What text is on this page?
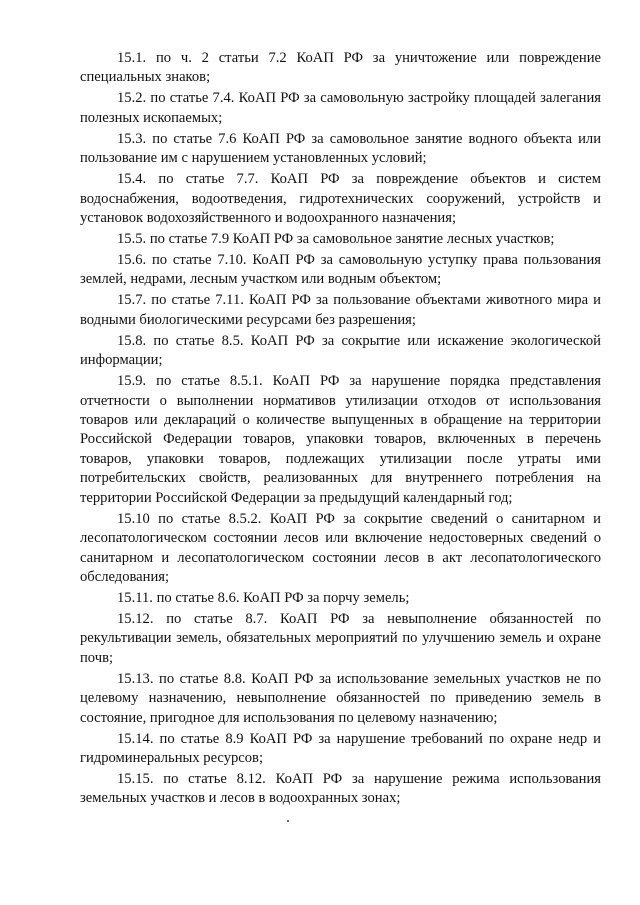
15.1. по ч. 2 статьи 7.2 КоАП РФ за уничтожение или повреждение специальных знаков;

15.2. по статье 7.4. КоАП РФ за самовольную застройку площадей залегания полезных ископаемых;

15.3. по статье 7.6 КоАП РФ за самовольное занятие водного объекта или пользование им с нарушением установленных условий;

15.4. по статье 7.7. КоАП РФ за повреждение объектов и систем водоснабжения, водоотведения, гидротехнических сооружений, устройств и установок водохозяйственного и водоохранного назначения;

15.5. по статье 7.9 КоАП РФ за самовольное занятие лесных участков;

15.6. по статье 7.10. КоАП РФ за самовольную уступку права пользования землей, недрами, лесным участком или водным объектом;

15.7. по статье 7.11. КоАП РФ за пользование объектами животного мира и водными биологическими ресурсами без разрешения;

15.8. по статье 8.5. КоАП РФ за сокрытие или искажение экологической информации;

15.9. по статье 8.5.1. КоАП РФ за нарушение порядка представления отчетности о выполнении нормативов утилизации отходов от использования товаров или деклараций о количестве выпущенных в обращение на территории Российской Федерации товаров, упаковки товаров, включенных в перечень товаров, упаковки товаров, подлежащих утилизации после утраты ими потребительских свойств, реализованных для внутреннего потребления на территории Российской Федерации за предыдущий календарный год;

15.10 по статье 8.5.2. КоАП РФ за сокрытие сведений о санитарном и лесопатологическом состоянии лесов или включение недостоверных сведений о санитарном и лесопатологическом состоянии лесов в акт лесопатологического обследования;

15.11. по статье 8.6. КоАП РФ за порчу земель;

15.12. по статье 8.7. КоАП РФ за невыполнение обязанностей по рекультивации земель, обязательных мероприятий по улучшению земель и охране почв;

15.13. по статье 8.8. КоАП РФ за использование земельных участков не по целевому назначению, невыполнение обязанностей по приведению земель в состояние, пригодное для использования по целевому назначению;

15.14. по статье 8.9 КоАП РФ за нарушение требований по охране недр и гидроминеральных ресурсов;

15.15. по статье 8.12. КоАП РФ за нарушение режима использования земельных участков и лесов в водоохранных зонах;
